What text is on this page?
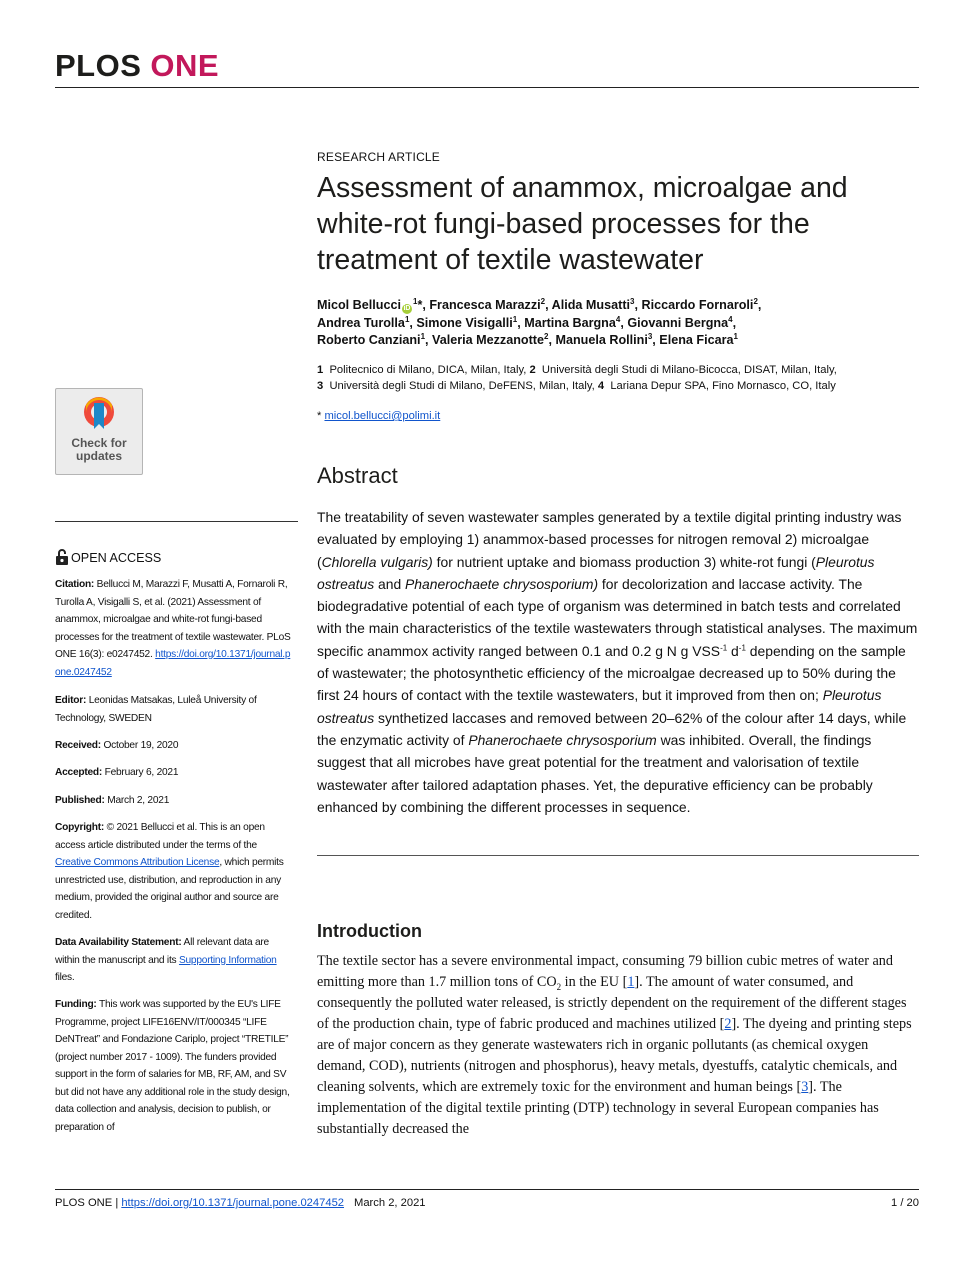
PLOS ONE
RESEARCH ARTICLE
Assessment of anammox, microalgae and
white-rot fungi-based processes for the
treatment of textile wastewater
Micol Bellucci $iD^1*$, Francesca Marazzi$^2$, Alida Musatti$^3$, Riccardo Fornaroli$^2$,
Andrea Turolla$^1$, Simone Visigalli$^1$, Martina Bargna$^4$, Giovanni Bergna$^4$,
Roberto Canziani$^1$, Valeria Mezzanotte$^2$, Manuela Rollini$^3$, Elena Ficara$^1$
1 Politecnico di Milano, DICA, Milan, Italy, 2 Università degli Studi di Milano-Bicocca, DISAT, Milan, Italy,
3 Università degli Studi di Milano, DeFENS, Milan, Italy, 4 Lariana Depur SPA, Fino Mornasco, CO, Italy
* micol.bellucci@polimi.it
Abstract

The treatability of seven wastewater samples generated by a textile digital printing industry was evaluated by employing 1) anammox-based processes for nitrogen removal 2) microalgae (Chlorella vulgaris) for nutrient uptake and biomass production 3) white-rot fungi (Pleurotus ostreatus and Phanerochaete chrysosporium) for decolorization and laccase activity. The biodegradative potential of each type of organism was determined in batch tests and correlated with the main characteristics of the textile wastewaters through statistical analyses. The maximum specific anammox activity ranged between 0.1 and 0.2 g N g $VSS^{-1}$ $d^{-1}$ depending on the sample of wastewater; the photosynthetic efficiency of the microalgae decreased up to 50% during the first 24 hours of contact with the textile wastewaters, but it improved from then on; Pleurotus ostreatus synthetized laccases and removed between 20–62% of the colour after 14 days, while the enzymatic activity of Phanerochaete chrysosporium was inhibited. Overall, the findings suggest that all microbes have great potential for the treatment and valorisation of textile wastewater after tailored adaptation phases. Yet, the depurative efficiency can be probably enhanced by combining the different processes in sequence.

Introduction

The textile sector has a severe environmental impact, consuming 79 billion cubic metres of water and emitting more than 1.7 million tons of $CO_2$ in the EU [1]. The amount of water consumed, and consequently the polluted water released, is strictly dependent on the requirement of the different stages of the production chain, type of fabric produced and machines utilized [2]. The dyeing and printing steps are of major concern as they generate wastewaters rich in organic pollutants (as chemical oxygen demand, COD), nutrients (nitrogen and phosphorus), heavy metals, dyestuffs, catalytic chemicals, and cleaning solvents, which are extremely toxic for the environment and human beings [3]. The implementation of the digital textile printing (DTP) technology in several European companies has substantially decreased the

Check for
updates
OPEN ACCESS
Citation: Bellucci M, Marazzi F, Musatti A, Fornaroli R, Turolla A, Visigalli S, et al. (2021) Assessment of anammox, microalgae and white-rot fungi-based processes for the treatment of textile wastewater. PLoS ONE 16(3): e0247452. https://doi.org/10.1371/journal.pone.0247452
Editor: Leonidas Matsakas, Luleå University of Technology, SWEDEN
Received: October 19, 2020
Accepted: February 6, 2021
Published: March 2, 2021
Copyright: © 2021 Bellucci et al. This is an open access article distributed under the terms of the Creative Commons Attribution License, which permits unrestricted use, distribution, and reproduction in any medium, provided the original author and source are credited.
Data Availability Statement: All relevant data are within the manuscript and its Supporting Information files.
Funding: This work was supported by the EU's LIFE Programme, project LIFE16ENV/IT/000345 “LIFE DeNTreat” and Fondazione Cariplo, project “TRETILE” (project number 2017 - 1009). The funders provided support in the form of salaries for MB, RF, AM, and SV but did not have any additional role in the study design, data collection and analysis, decision to publish, or preparation of
PLOS ONE | https://doi.org/10.1371/journal.pone.0247452 March 2, 2021	1 / 20
